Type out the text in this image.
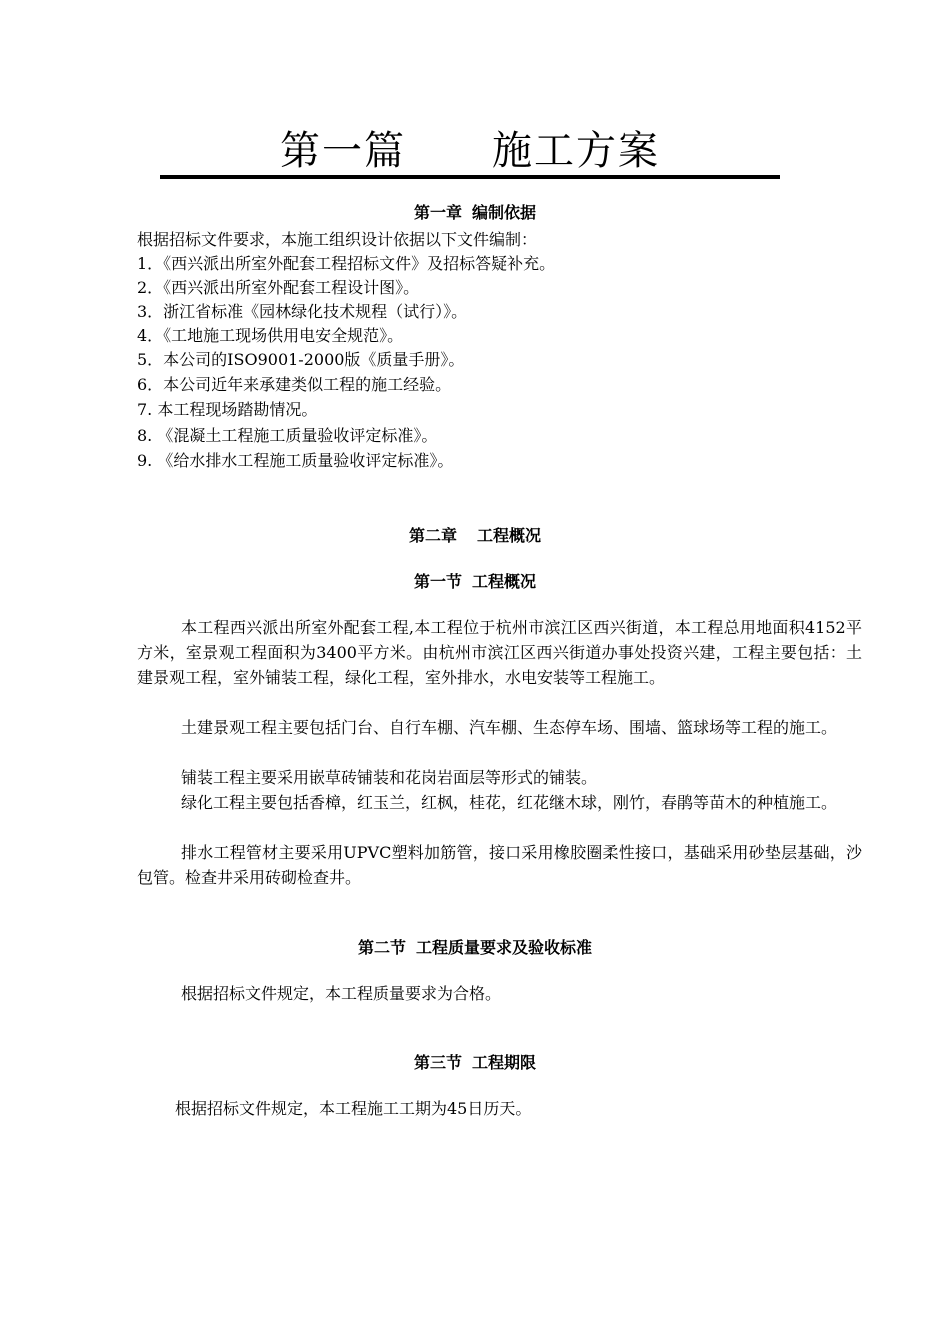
第一篇 施工方案
第一章 编制依据
根据招标文件要求，本施工组织设计依据以下文件编制：
1．《西兴派出所室外配套工程招标文件》及招标答疑补充。
2．《西兴派出所室外配套工程设计图》。
3．浙江省标准《园林绿化技术规程（试行）》。
4．《工地施工现场供用电安全规范》。
5．本公司的ISO9001-2000版《质量手册》。
6．本公司近年来承建类似工程的施工经验。
7. 本工程现场踏勘情况。
8. 《混凝土工程施工质量验收评定标准》。
9. 《给水排水工程施工质量验收评定标准》。
第二章 工程概况
第一节 工程概况
本工程西兴派出所室外配套工程,本工程位于杭州市滨江区西兴街道，本工程总用地面积4152平方米，室景观工程面积为3400平方米。由杭州市滨江区西兴街道办事处投资兴建，工程主要包括：土建景观工程，室外铺装工程，绿化工程，室外排水，水电安装等工程施工。
土建景观工程主要包括门台、自行车棚、汽车棚、生态停车场、围墙、篮球场等工程的施工。
铺装工程主要采用嵌草砖铺装和花岗岩面层等形式的铺装。
绿化工程主要包括香樟，红玉兰，红枫，桂花，红花继木球，刚竹，春鹃等苗木的种植施工。
排水工程管材主要采用UPVC塑料加筋管，接口采用橡胶圈柔性接口，基础采用砂垫层基础，沙包管。检查井采用砖砌检查井。
第二节 工程质量要求及验收标准
根据招标文件规定，本工程质量要求为合格。
第三节 工程期限
根据招标文件规定，本工程施工工期为45日历天。
